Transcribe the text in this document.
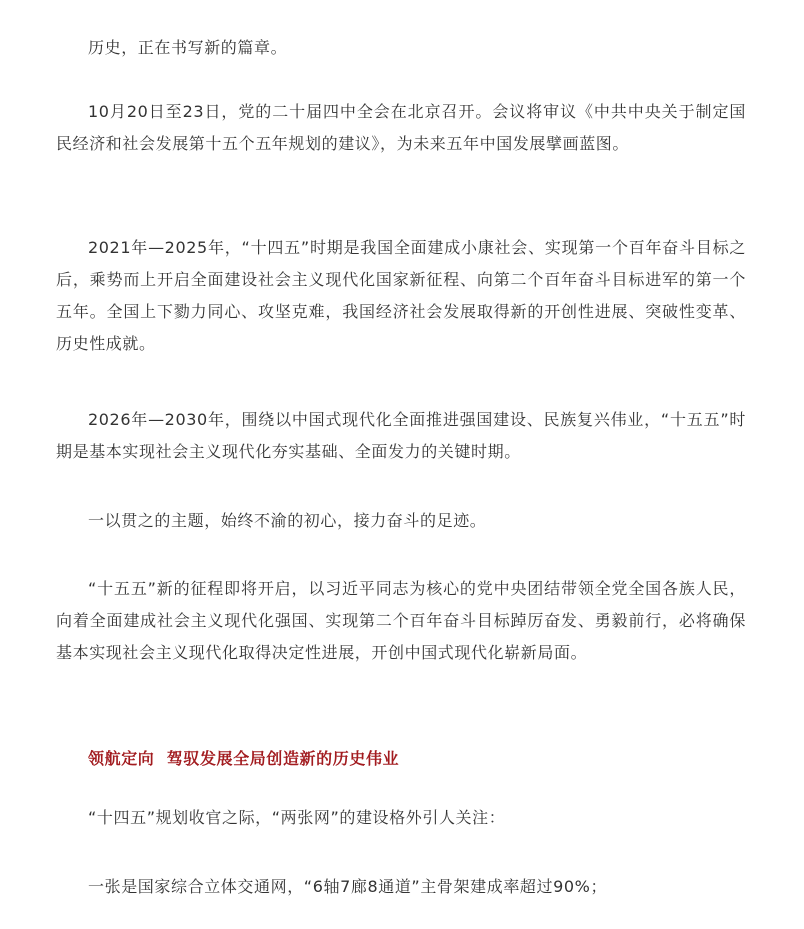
历史，正在书写新的篇章。

10月20日至23日，党的二十届四中全会在北京召开。会议将审议《中共中央关于制定国民经济和社会发展第十五个五年规划的建议》，为未来五年中国发展擘画蓝图。

2021年—2025年，“十四五”时期是我国全面建成小康社会、实现第一个百年奋斗目标之后，乘势而上开启全面建设社会主义现代化国家新征程、向第二个百年奋斗目标进军的第一个五年。全国上下勠力同心、攻坚克难，我国经济社会发展取得新的开创性进展、突破性变革、历史性成就。

2026年—2030年，围绕以中国式现代化全面推进强国建设、民族复兴伟业，“十五五”时期是基本实现社会主义现代化夯实基础、全面发力的关键时期。

一以贯之的主题，始终不渝的初心，接力奋斗的足迹。

“十五五”新的征程即将开启，以习近平同志为核心的党中央团结带领全党全国各族人民，向着全面建成社会主义现代化强国、实现第二个百年奋斗目标踔厉奋发、勇毅前行，必将确保基本实现社会主义现代化取得决定性进展，开创中国式现代化崭新局面。

领航定向  驾驭发展全局创造新的历史伟业

“十四五”规划收官之际，“两张网”的建设格外引人关注：

一张是国家综合立体交通网，“6轴7廊8通道”主骨架建成率超过90%；
